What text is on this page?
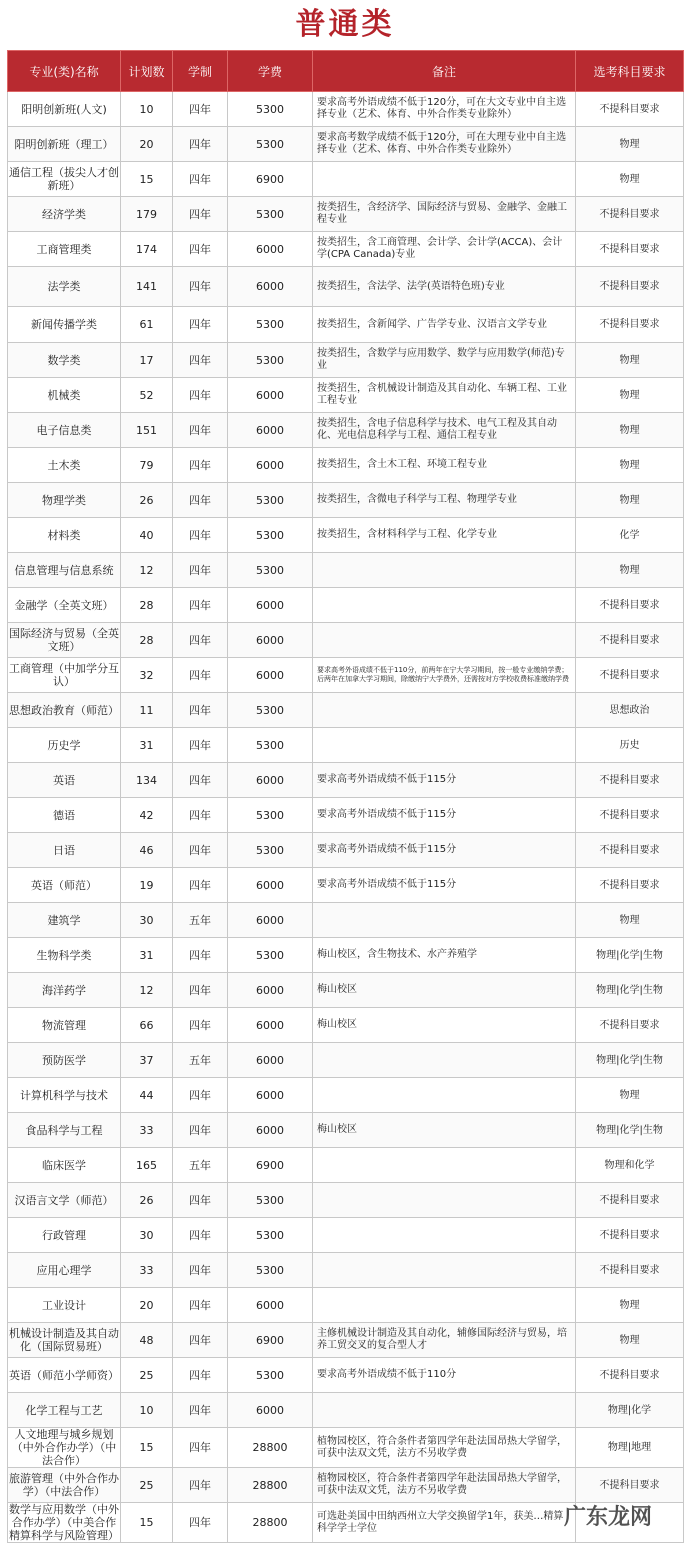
普通类
专业(类)名称	计划数	学制	学费	备注	选考科目要求
阳明创新班(人文)	10	四年	5300	要求高考外语成绩不低于120分，可在大文专业中自主选择专业（艺术、体育、中外合作类专业除外）	不提科目要求
阳明创新班（理工）	20	四年	5300	要求高考数学成绩不低于120分，可在大理专业中自主选择专业（艺术、体育、中外合作类专业除外）	物理
通信工程（拔尖人才创新班）	15	四年	6900		物理
经济学类	179	四年	5300	按类招生，含经济学、国际经济与贸易、金融学、金融工程专业	不提科目要求
工商管理类	174	四年	6000	按类招生，含工商管理、会计学、会计学(ACCA)、会计学(CPA Canada)专业	不提科目要求
法学类	141	四年	6000	按类招生，含法学、法学(英语特色班)专业	不提科目要求
新闻传播学类	61	四年	5300	按类招生，含新闻学、广告学专业、汉语言文学专业	不提科目要求
数学类	17	四年	5300	按类招生，含数学与应用数学、数学与应用数学(师范)专业	物理
机械类	52	四年	6000	按类招生，含机械设计制造及其自动化、车辆工程、工业工程专业	物理
电子信息类	151	四年	6000	按类招生，含电子信息科学与技术、电气工程及其自动化、光电信息科学与工程、通信工程专业	物理
土木类	79	四年	6000	按类招生，含土木工程、环境工程专业	物理
物理学类	26	四年	5300	按类招生，含微电子科学与工程、物理学专业	物理
材料类	40	四年	5300	按类招生，含材料科学与工程、化学专业	化学
信息管理与信息系统	12	四年	5300		物理
金融学（全英文班）	28	四年	6000		不提科目要求
国际经济与贸易（全英文班）	28	四年	6000		不提科目要求
工商管理（中加学分互认）	32	四年	6000	要求高考外语成绩不低于110分，前两年在宁大学习期间，按一般专业缴纳学费；后两年在加拿大学习期间，除缴纳宁大学费外，还需按对方学校收费标准缴纳学费	不提科目要求
思想政治教育（师范）	11	四年	5300		思想政治
历史学	31	四年	5300		历史
英语	134	四年	6000	要求高考外语成绩不低于115分	不提科目要求
德语	42	四年	5300	要求高考外语成绩不低于115分	不提科目要求
日语	46	四年	5300	要求高考外语成绩不低于115分	不提科目要求
英语（师范）	19	四年	6000	要求高考外语成绩不低于115分	不提科目要求
建筑学	30	五年	6000		物理
生物科学类	31	四年	5300	梅山校区，含生物技术、水产养殖学	物理|化学|生物
海洋药学	12	四年	6000	梅山校区	物理|化学|生物
物流管理	66	四年	6000	梅山校区	不提科目要求
预防医学	37	五年	6000		物理|化学|生物
计算机科学与技术	44	四年	6000		物理
食品科学与工程	33	四年	6000	梅山校区	物理|化学|生物
临床医学	165	五年	6900		物理和化学
汉语言文学（师范）	26	四年	5300		不提科目要求
行政管理	30	四年	5300		不提科目要求
应用心理学	33	四年	5300		不提科目要求
工业设计	20	四年	6000		物理
机械设计制造及其自动化（国际贸易班）	48	四年	6900	主修机械设计制造及其自动化，辅修国际经济与贸易，培养工贸交叉的复合型人才	物理
英语（师范小学师资）	25	四年	5300	要求高考外语成绩不低于110分	不提科目要求
化学工程与工艺	10	四年	6000		物理|化学
人文地理与城乡规划（中外合作办学）（中法合作）	15	四年	28800	植物园校区，符合条件者第四学年赴法国昂热大学留学，可获中法双文凭，法方不另收学费	物理|地理
旅游管理（中外合作办学）（中法合作）	25	四年	28800	植物园校区，符合条件者第四学年赴法国昂热大学留学，可获中法双文凭，法方不另收学费	不提科目要求
数学与应用数学（中外合作办学）（中美合作精算科学与风险管理）	15	四年	28800	可选赴美国中田纳西州立大学交换留学1年，获美…精算科学学士学位		广东龙网
